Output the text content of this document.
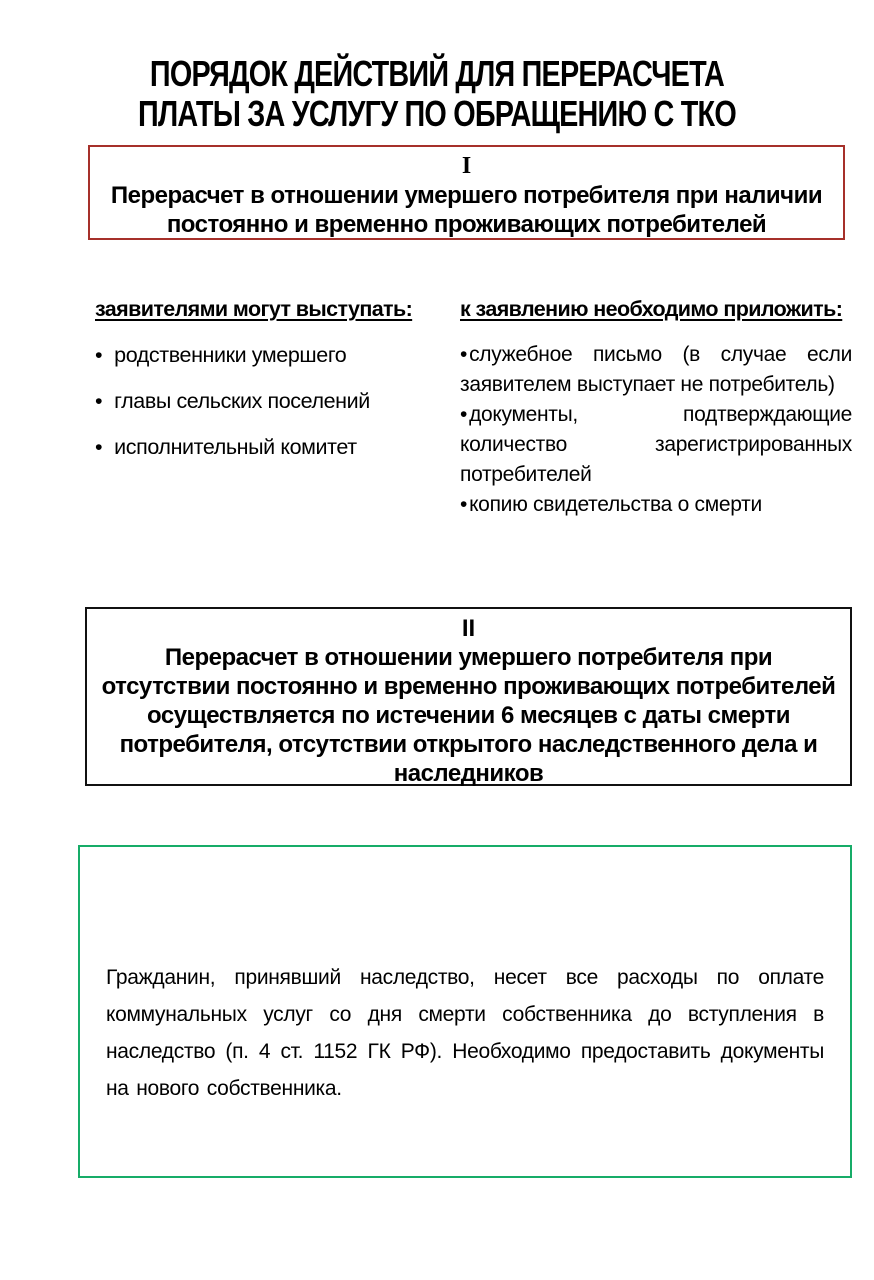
ПОРЯДОК ДЕЙСТВИЙ ДЛЯ ПЕРЕРАСЧЕТА
ПЛАТЫ ЗА УСЛУГУ ПО ОБРАЩЕНИЮ С ТКО
I
Перерасчет в отношении умершего потребителя при наличии
постоянно и временно проживающих потребителей
заявителями могут выступать:
• родственники умершего
• главы сельских поселений
• исполнительный комитет
к заявлению необходимо приложить:
•служебное письмо (в случае если заявителем выступает не потребитель)
•документы, подтверждающие количество зарегистрированных потребителей
•копию свидетельства о смерти
II
Перерасчет в отношении умершего потребителя при
отсутствии постоянно и временно проживающих потребителей
осуществляется по истечении 6 месяцев с даты смерти
потребителя, отсутствии открытого наследственного дела и
наследников
Гражданин, принявший наследство, несет все расходы по оплате коммунальных услуг со дня смерти собственника до вступления в наследство (п. 4 ст. 1152 ГК РФ). Необходимо предоставить документы на нового собственника.
